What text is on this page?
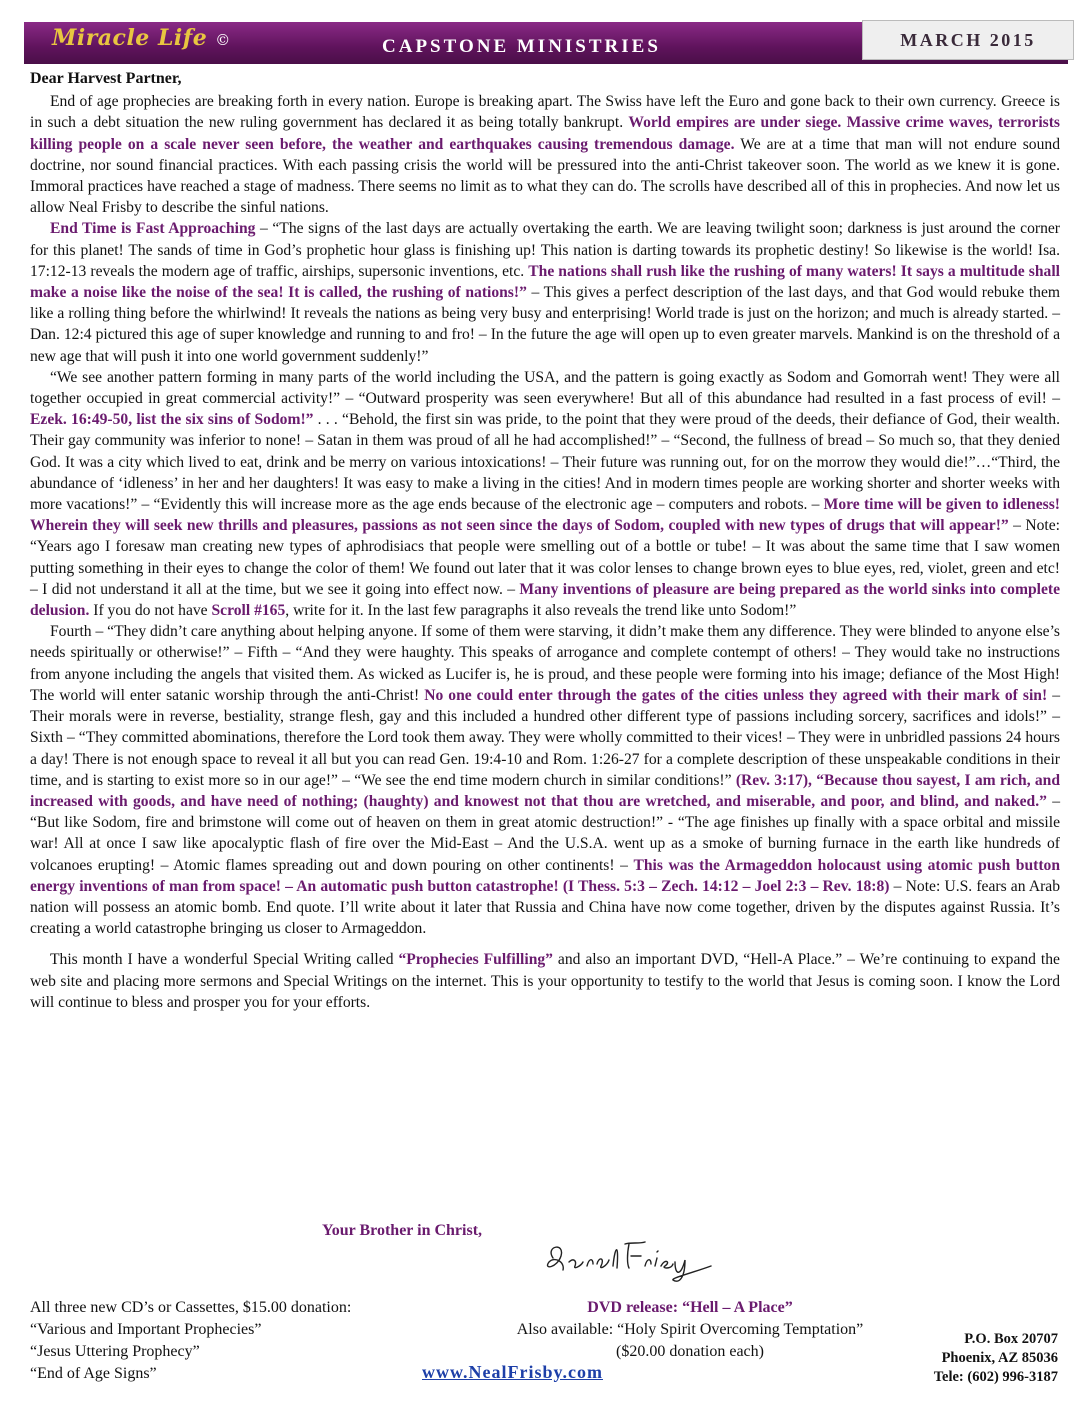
Miracle Life ©	CAPSTONE MINISTRIES	MARCH 2015

Dear Harvest Partner,

End of age prophecies are breaking forth in every nation. Europe is breaking apart. The Swiss have left the Euro and gone back to their own currency. Greece is in such a debt situation the new ruling government has declared it as being totally bankrupt. World empires are under siege. Massive crime waves, terrorists killing people on a scale never seen before, the weather and earthquakes causing tremendous damage. We are at a time that man will not endure sound doctrine, nor sound financial practices. With each passing crisis the world will be pressured into the anti-Christ takeover soon. The world as we knew it is gone. Immoral practices have reached a stage of madness. There seems no limit as to what they can do. The scrolls have described all of this in prophecies. And now let us allow Neal Frisby to describe the sinful nations.

End Time is Fast Approaching – “The signs of the last days are actually overtaking the earth. We are leaving twilight soon; darkness is just around the corner for this planet! The sands of time in God’s prophetic hour glass is finishing up! This nation is darting towards its prophetic destiny! So likewise is the world! Isa. 17:12-13 reveals the modern age of traffic, airships, supersonic inventions, etc. The nations shall rush like the rushing of many waters! It says a multitude shall make a noise like the noise of the sea! It is called, the rushing of nations!” – This gives a perfect description of the last days, and that God would rebuke them like a rolling thing before the whirlwind! It reveals the nations as being very busy and enterprising! World trade is just on the horizon; and much is already started. – Dan. 12:4 pictured this age of super knowledge and running to and fro! – In the future the age will open up to even greater marvels. Mankind is on the threshold of a new age that will push it into one world government suddenly!”

“We see another pattern forming in many parts of the world including the USA, and the pattern is going exactly as Sodom and Gomorrah went! They were all together occupied in great commercial activity!” – “Outward prosperity was seen everywhere! But all of this abundance had resulted in a fast process of evil! – Ezek. 16:49-50, list the six sins of Sodom!” . . . “Behold, the first sin was pride, to the point that they were proud of the deeds, their defiance of God, their wealth. Their gay community was inferior to none! – Satan in them was proud of all he had accomplished!” – “Second, the fullness of bread – So much so, that they denied God. It was a city which lived to eat, drink and be merry on various intoxications! – Their future was running out, for on the morrow they would die!”…“Third, the abundance of ‘idleness’ in her and her daughters! It was easy to make a living in the cities! And in modern times people are working shorter and shorter weeks with more vacations!” – “Evidently this will increase more as the age ends because of the electronic age – computers and robots. – More time will be given to idleness! Wherein they will seek new thrills and pleasures, passions as not seen since the days of Sodom, coupled with new types of drugs that will appear!” – Note: “Years ago I foresaw man creating new types of aphrodisiacs that people were smelling out of a bottle or tube! – It was about the same time that I saw women putting something in their eyes to change the color of them! We found out later that it was color lenses to change brown eyes to blue eyes, red, violet, green and etc! – I did not understand it all at the time, but we see it going into effect now. – Many inventions of pleasure are being prepared as the world sinks into complete delusion. If you do not have Scroll #165, write for it. In the last few paragraphs it also reveals the trend like unto Sodom!”

Fourth – “They didn’t care anything about helping anyone. If some of them were starving, it didn’t make them any difference. They were blinded to anyone else’s needs spiritually or otherwise!” – Fifth – “And they were haughty. This speaks of arrogance and complete contempt of others! – They would take no instructions from anyone including the angels that visited them. As wicked as Lucifer is, he is proud, and these people were forming into his image; defiance of the Most High! The world will enter satanic worship through the anti-Christ! No one could enter through the gates of the cities unless they agreed with their mark of sin! – Their morals were in reverse, bestiality, strange flesh, gay and this included a hundred other different type of passions including sorcery, sacrifices and idols!” – Sixth – “They committed abominations, therefore the Lord took them away. They were wholly committed to their vices! – They were in unbridled passions 24 hours a day! There is not enough space to reveal it all but you can read Gen. 19:4-10 and Rom. 1:26-27 for a complete description of these unspeakable conditions in their time, and is starting to exist more so in our age!” – “We see the end time modern church in similar conditions!” (Rev. 3:17), “Because thou sayest, I am rich, and increased with goods, and have need of nothing; (haughty) and knowest not that thou are wretched, and miserable, and poor, and blind, and naked.” – “But like Sodom, fire and brimstone will come out of heaven on them in great atomic destruction!” - “The age finishes up finally with a space orbital and missile war! All at once I saw like apocalyptic flash of fire over the Mid-East – And the U.S.A. went up as a smoke of burning furnace in the earth like hundreds of volcanoes erupting! – Atomic flames spreading out and down pouring on other continents! – This was the Armageddon holocaust using atomic push button energy inventions of man from space! – An automatic push button catastrophe! (I Thess. 5:3 – Zech. 14:12 – Joel 2:3 – Rev. 18:8) – Note: U.S. fears an Arab nation will possess an atomic bomb. End quote. I’ll write about it later that Russia and China have now come together, driven by the disputes against Russia. It’s creating a world catastrophe bringing us closer to Armageddon.

This month I have a wonderful Special Writing called “Prophecies Fulfilling” and also an important DVD, “Hell-A Place.” – We’re continuing to expand the web site and placing more sermons and Special Writings on the internet. This is your opportunity to testify to the world that Jesus is coming soon. I know the Lord will continue to bless and prosper you for your efforts.

Your Brother in Christ,
All three new CD’s or Cassettes, $15.00 donation:
“Various and Important Prophecies”
“Jesus Uttering Prophecy”
“End of Age Signs”
DVD release: “Hell – A Place”
Also available: “Holy Spirit Overcoming Temptation”
($20.00 donation each)
www.NealFrisby.com
P.O. Box 20707
Phoenix, AZ 85036
Tele: (602) 996-3187
